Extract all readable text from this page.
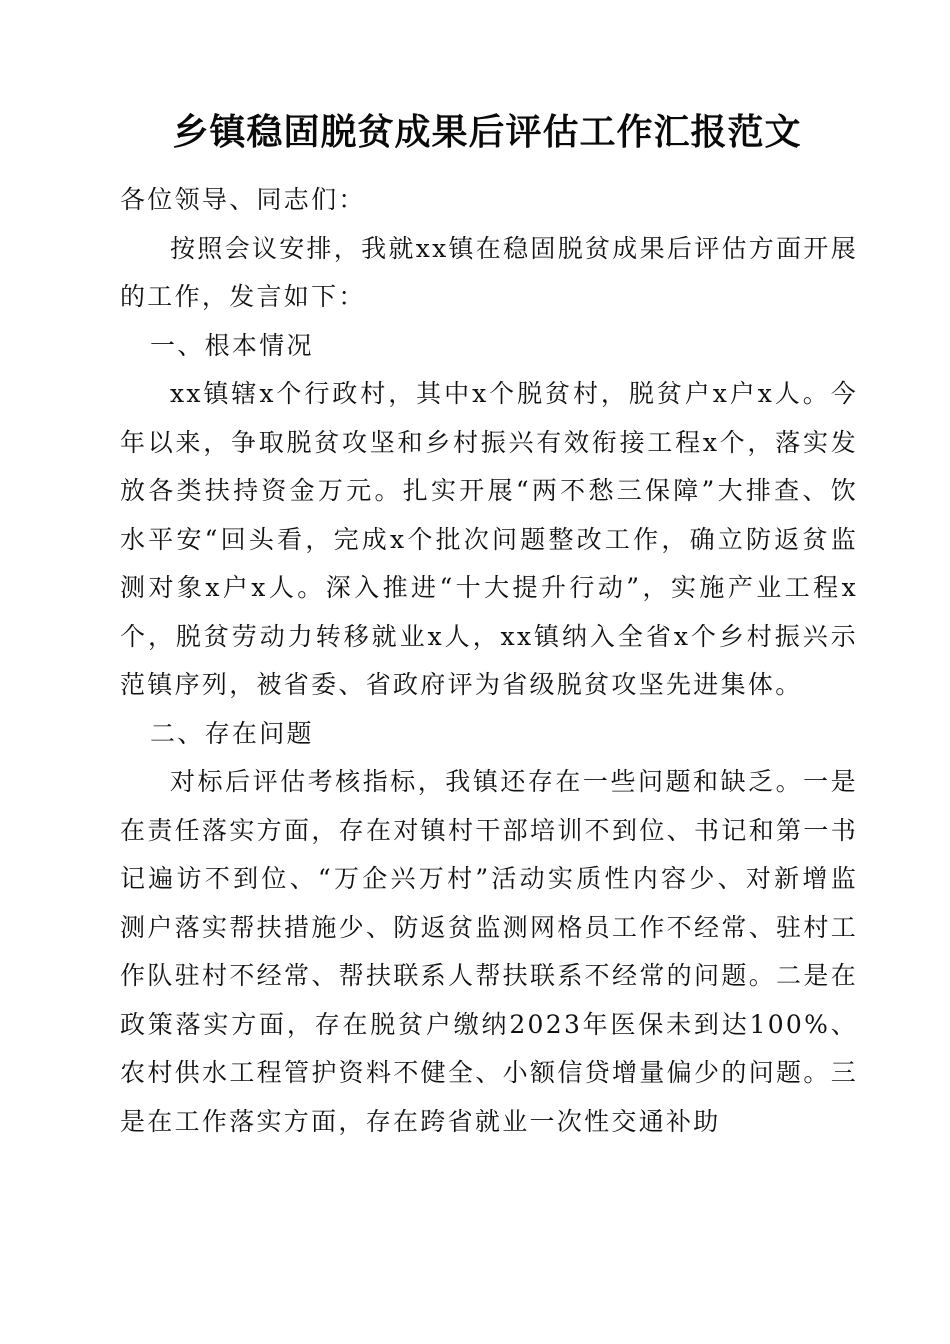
乡镇稳固脱贫成果后评估工作汇报范文

各位领导、同志们：

按照会议安排，我就xx镇在稳固脱贫成果后评估方面开展的工作，发言如下：

一、根本情况

xx镇辖x个行政村，其中x个脱贫村，脱贫户x户x人。今年以来，争取脱贫攻坚和乡村振兴有效衔接工程x个，落实发放各类扶持资金万元。扎实开展“两不愁三保障”大排查、饮水平安“回头看，完成x个批次问题整改工作，确立防返贫监测对象x户x人。深入推进“十大提升行动”，实施产业工程x个，脱贫劳动力转移就业x人，xx镇纳入全省x个乡村振兴示范镇序列，被省委、省政府评为省级脱贫攻坚先进集体。

二、存在问题

对标后评估考核指标，我镇还存在一些问题和缺乏。一是在责任落实方面，存在对镇村干部培训不到位、书记和第一书记遍访不到位、“万企兴万村”活动实质性内容少、对新增监测户落实帮扶措施少、防返贫监测网格员工作不经常、驻村工作队驻村不经常、帮扶联系人帮扶联系不经常的问题。二是在政策落实方面，存在脱贫户缴纳2023年医保未到达100%、农村供水工程管护资料不健全、小额信贷增量偏少的问题。三是在工作落实方面，存在跨省就业一次性交通补助
